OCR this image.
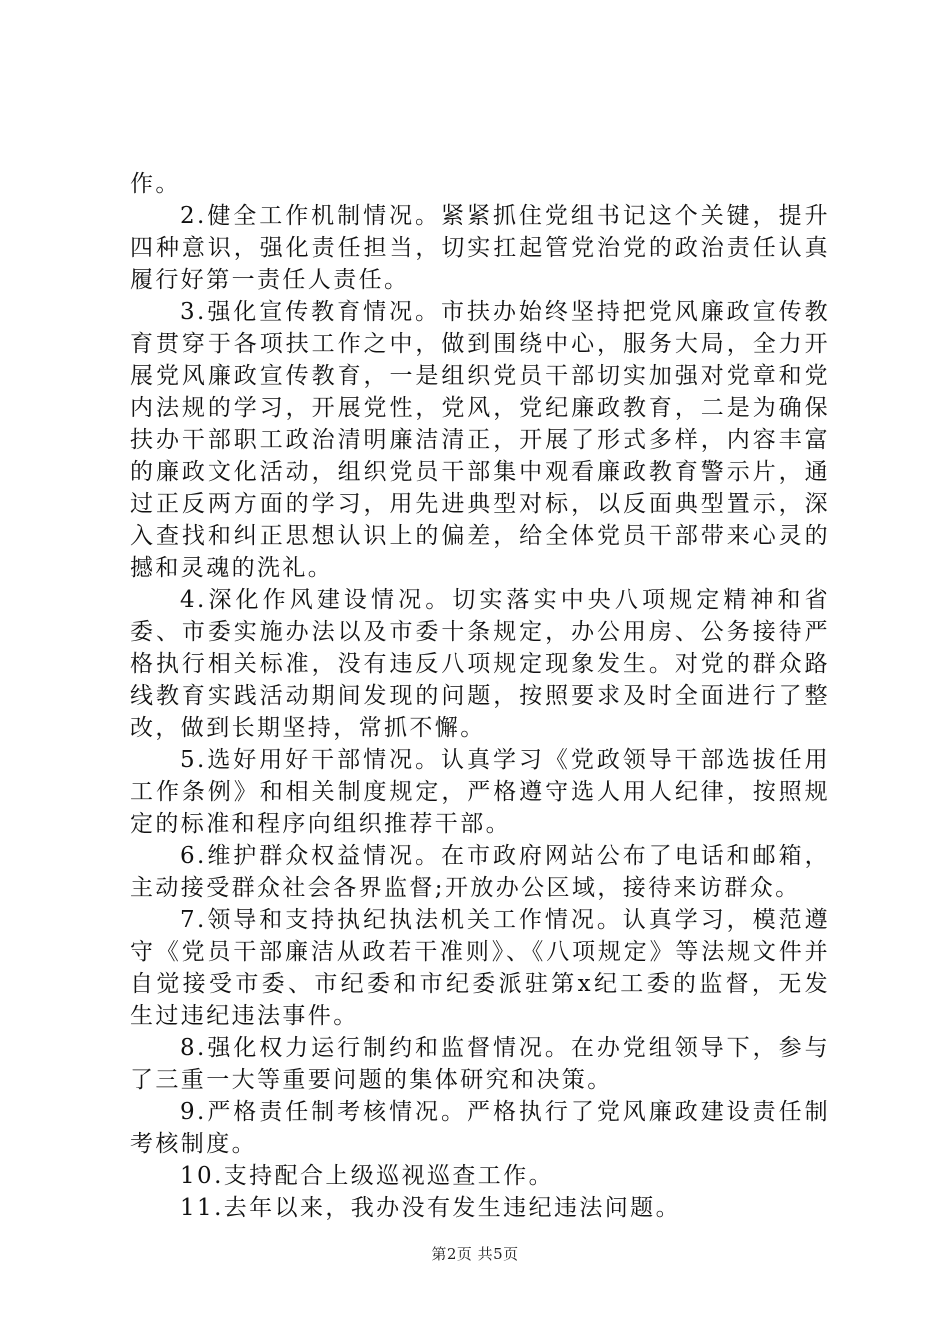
作。

2.健全工作机制情况。紧紧抓住党组书记这个关键，提升四种意识，强化责任担当，切实扛起管党治党的政治责任认真履行好第一责任人责任。

3.强化宣传教育情况。市扶办始终坚持把党风廉政宣传教育贯穿于各项扶工作之中，做到围绕中心，服务大局，全力开展党风廉政宣传教育，一是组织党员干部切实加强对党章和党内法规的学习，开展党性，党风，党纪廉政教育，二是为确保扶办干部职工政治清明廉洁清正，开展了形式多样，内容丰富的廉政文化活动，组织党员干部集中观看廉政教育警示片，通过正反两方面的学习，用先进典型对标，以反面典型置示，深入查找和纠正思想认识上的偏差，给全体党员干部带来心灵的撼和灵魂的洗礼。

4.深化作风建设情况。切实落实中央八项规定精神和省委、市委实施办法以及市委十条规定，办公用房、公务接待严格执行相关标准，没有违反八项规定现象发生。对党的群众路线教育实践活动期间发现的问题，按照要求及时全面进行了整改，做到长期坚持，常抓不懈。

5.选好用好干部情况。认真学习《党政领导干部选拔任用工作条例》和相关制度规定，严格遵守选人用人纪律，按照规定的标准和程序向组织推荐干部。

6.维护群众权益情况。在市政府网站公布了电话和邮箱，主动接受群众社会各界监督;开放办公区域，接待来访群众。

7.领导和支持执纪执法机关工作情况。认真学习，模范遵守《党员干部廉洁从政若干准则》、《八项规定》等法规文件并自觉接受市委、市纪委和市纪委派驻第x纪工委的监督，无发生过违纪违法事件。

8.强化权力运行制约和监督情况。在办党组领导下，参与了三重一大等重要问题的集体研究和决策。

9.严格责任制考核情况。严格执行了党风廉政建设责任制考核制度。

10.支持配合上级巡视巡查工作。

11.去年以来，我办没有发生违纪违法问题。

第2页 共5页
